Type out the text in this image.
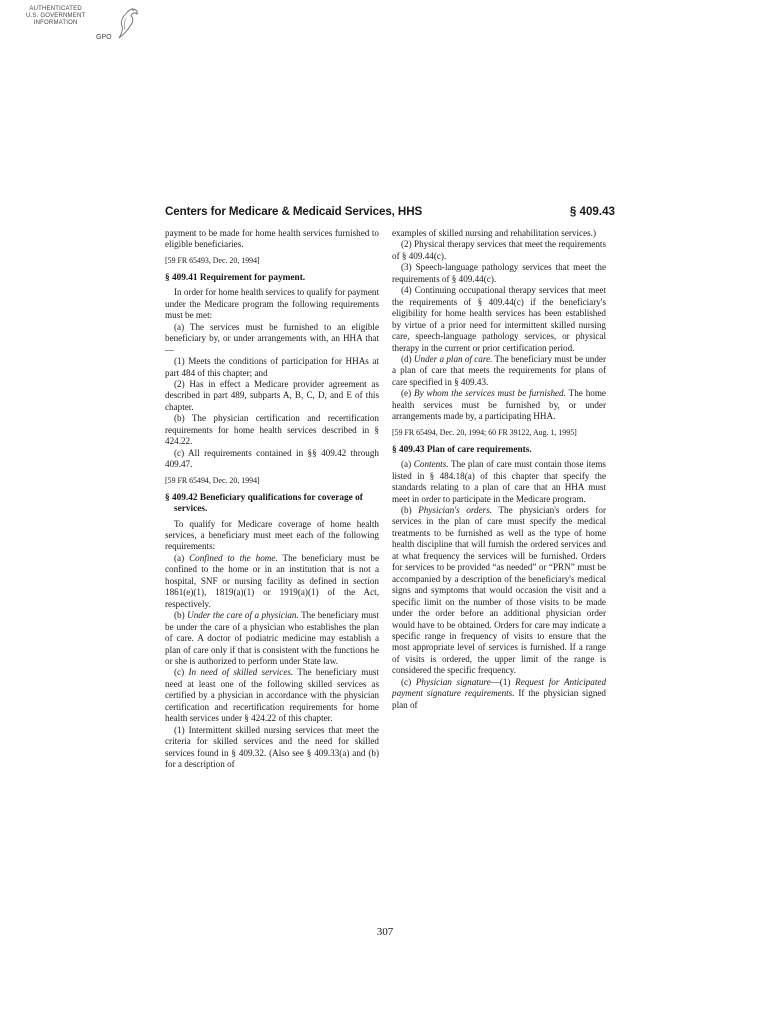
AUTHENTICATED
U.S. GOVERNMENT
INFORMATION
GPO
Centers for Medicare & Medicaid Services, HHS	§ 409.43

payment to be made for home health services furnished to eligible beneficiaries.

[59 FR 65493, Dec. 20, 1994]

§ 409.41 Requirement for payment.

In order for home health services to qualify for payment under the Medicare program the following requirements must be met:

(a) The services must be furnished to an eligible beneficiary by, or under arrangements with, an HHA that—

(1) Meets the conditions of participation for HHAs at part 484 of this chapter; and

(2) Has in effect a Medicare provider agreement as described in part 489, subparts A, B, C, D, and E of this chapter.

(b) The physician certification and recertification requirements for home health services described in § 424.22.

(c) All requirements contained in §§ 409.42 through 409.47.

[59 FR 65494, Dec. 20, 1994]

§ 409.42 Beneficiary qualifications for coverage of services.

To qualify for Medicare coverage of home health services, a beneficiary must meet each of the following requirements:

(a) Confined to the home. The beneficiary must be confined to the home or in an institution that is not a hospital, SNF or nursing facility as defined in section 1861(e)(1), 1819(a)(1) or 1919(a)(1) of the Act, respectively.

(b) Under the care of a physician. The beneficiary must be under the care of a physician who establishes the plan of care. A doctor of podiatric medicine may establish a plan of care only if that is consistent with the functions he or she is authorized to perform under State law.

(c) In need of skilled services. The beneficiary must need at least one of the following skilled services as certified by a physician in accordance with the physician certification and recertification requirements for home health services under § 424.22 of this chapter.

(1) Intermittent skilled nursing services that meet the criteria for skilled services and the need for skilled services found in § 409.32. (Also see § 409.33(a) and (b) for a description of

examples of skilled nursing and rehabilitation services.)

(2) Physical therapy services that meet the requirements of § 409.44(c).

(3) Speech-language pathology services that meet the requirements of § 409.44(c).

(4) Continuing occupational therapy services that meet the requirements of § 409.44(c) if the beneficiary's eligibility for home health services has been established by virtue of a prior need for intermittent skilled nursing care, speech-language pathology services, or physical therapy in the current or prior certification period.

(d) Under a plan of care. The beneficiary must be under a plan of care that meets the requirements for plans of care specified in § 409.43.

(e) By whom the services must be furnished. The home health services must be furnished by, or under arrangements made by, a participating HHA.

[59 FR 65494, Dec. 20, 1994; 60 FR 39122, Aug. 1, 1995]

§ 409.43 Plan of care requirements.

(a) Contents. The plan of care must contain those items listed in § 484.18(a) of this chapter that specify the standards relating to a plan of care that an HHA must meet in order to participate in the Medicare program.

(b) Physician's orders. The physician's orders for services in the plan of care must specify the medical treatments to be furnished as well as the type of home health discipline that will furnish the ordered services and at what frequency the services will be furnished. Orders for services to be provided “as needed” or “PRN” must be accompanied by a description of the beneficiary's medical signs and symptoms that would occasion the visit and a specific limit on the number of those visits to be made under the order before an additional physician order would have to be obtained. Orders for care may indicate a specific range in frequency of visits to ensure that the most appropriate level of services is furnished. If a range of visits is ordered, the upper limit of the range is considered the specific frequency.

(c) Physician signature—(1) Request for Anticipated payment signature requirements. If the physician signed plan of

307
